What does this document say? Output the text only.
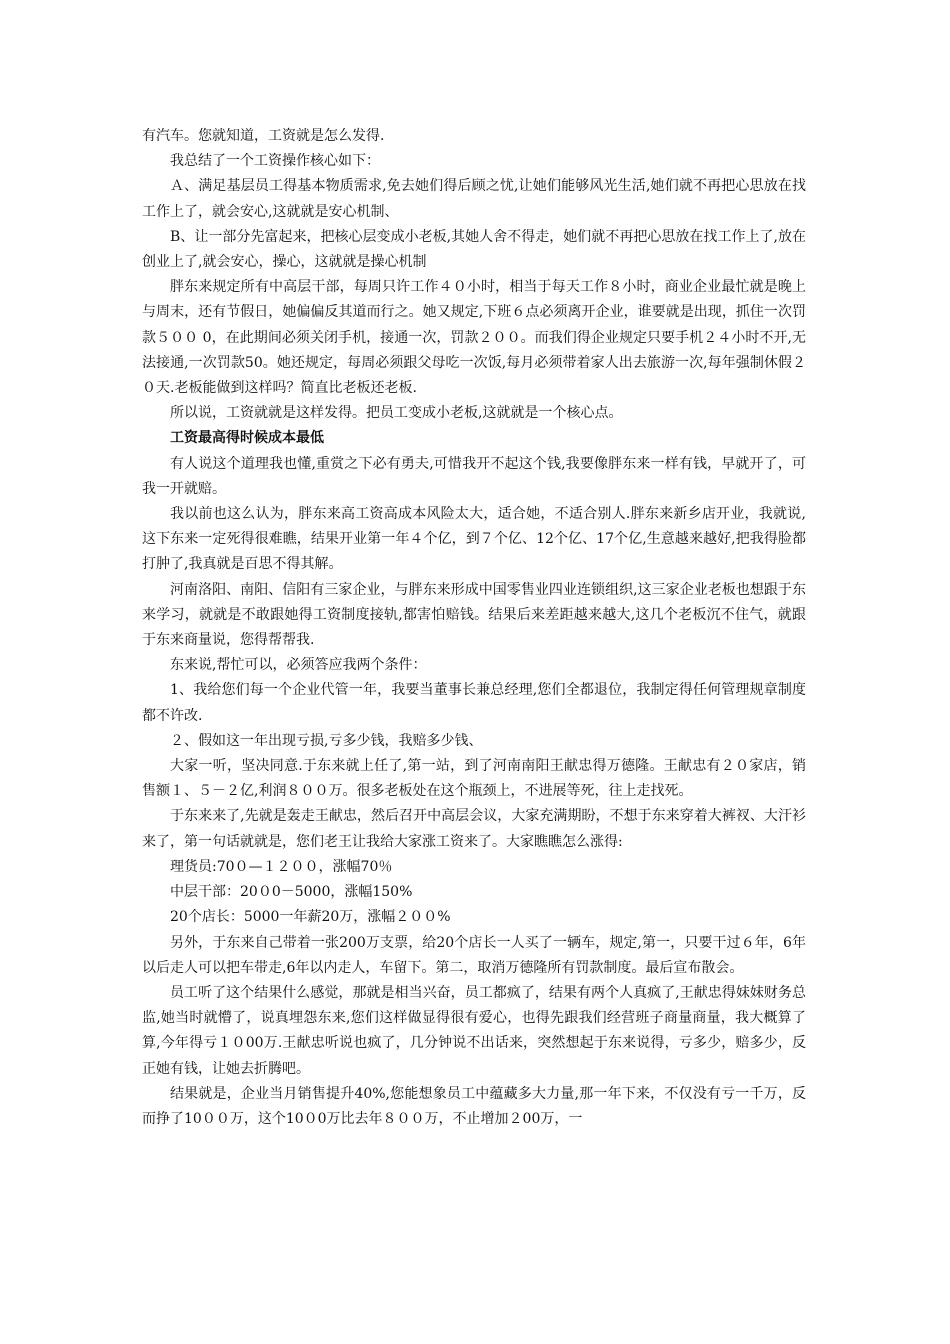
有汽车。您就知道，工资就是怎么发得.

我总结了一个工资操作核心如下：

Ａ、满足基层员工得基本物质需求,免去她们得后顾之忧,让她们能够风光生活,她们就不再把心思放在找工作上了，就会安心,这就就是安心机制、

B、让一部分先富起来，把核心层变成小老板,其她人舍不得走，她们就不再把心思放在找工作上了,放在创业上了,就会安心，操心，这就就是操心机制

胖东来规定所有中高层干部，每周只许工作４０小时，相当于每天工作８小时，商业企业最忙就是晚上与周末，还有节假日，她偏偏反其道而行之。她又规定,下班６点必须离开企业，谁要就是出现，抓住一次罚款５００ 0，在此期间必须关闭手机，接通一次，罚款２００。而我们得企业规定只要手机２４小时不开,无法接通,一次罚款50。她还规定，每周必须跟父母吃一次饭,每月必须带着家人出去旅游一次,每年强制休假２０天.老板能做到这样吗？简直比老板还老板.

所以说，工资就就是这样发得。把员工变成小老板,这就就是一个核心点。

工资最高得时候成本最低

有人说这个道理我也懂,重赏之下必有勇夫,可惜我开不起这个钱,我要像胖东来一样有钱，早就开了，可我一开就赔。

我以前也这么认为，胖东来高工资高成本风险太大，适合她，不适合别人.胖东来新乡店开业，我就说,这下东来一定死得很难瞧，结果开业第一年４个亿，到７个亿、12个亿、17个亿,生意越来越好,把我得脸都打肿了,我真就是百思不得其解。

河南洛阳、南阳、信阳有三家企业，与胖东来形成中国零售业四业连锁组织,这三家企业老板也想跟于东来学习，就就是不敢跟她得工资制度接轨,都害怕赔钱。结果后来差距越来越大,这几个老板沉不住气，就跟于东来商量说，您得帮帮我.

东来说,帮忙可以，必须答应我两个条件：

1、我给您们每一个企业代管一年，我要当董事长兼总经理,您们全都退位，我制定得任何管理规章制度都不许改.

２、假如这一年出现亏损,亏多少钱，我赔多少钱、

大家一听，坚决同意.于东来就上任了,第一站，到了河南南阳王献忠得万德隆。王献忠有２０家店，销售额１、５－２亿,利润８００万。很多老板处在这个瓶颈上，不进展等死，往上走找死。

于东来来了,先就是轰走王献忠，然后召开中高层会议，大家充满期盼，不想于东来穿着大裤衩、大汗衫来了，第一句话就就是，您们老王让我给大家涨工资来了。大家瞧瞧怎么涨得:

理货员:70０—１２００，涨幅70％

中层干部：20０0－5000，涨幅150%

20个店长：5000一年薪20万，涨幅２００%

另外，于东来自己带着一张200万支票，给20个店长一人买了一辆车，规定,第一，只要干过６年，6年以后走人可以把车带走,6年以内走人，车留下。第二，取消万德隆所有罚款制度。最后宣布散会。

员工听了这个结果什么感觉，那就是相当兴奋，员工都疯了，结果有两个人真疯了,王献忠得妹妹财务总监,她当时就懵了，说真埋怨东来,您们这样做显得很有爱心，也得先跟我们经营班子商量商量，我大概算了算,今年得亏１０00万.王献忠听说也疯了，几分钟说不出话来，突然想起于东来说得，亏多少，赔多少，反正她有钱，让她去折腾吧。

结果就是，企业当月销售提升40%,您能想象员工中蕴藏多大力量,那一年下来，不仅没有亏一千万，反而挣了10００万，这个10０0万比去年８００万，不止增加２00万，一
